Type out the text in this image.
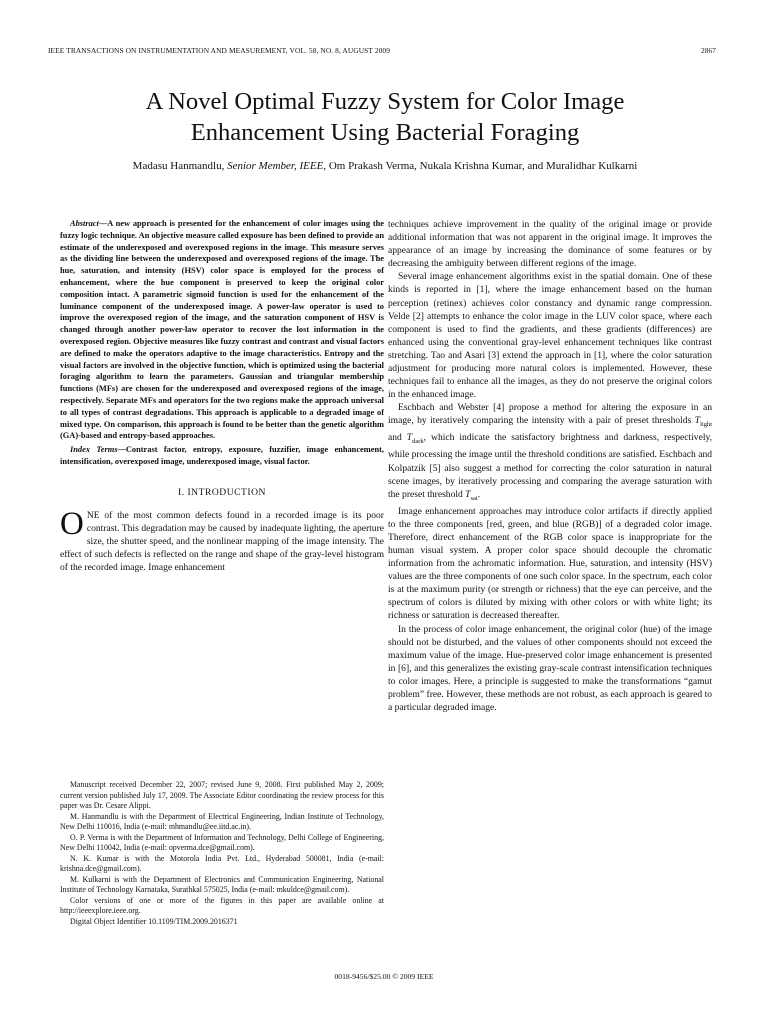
IEEE TRANSACTIONS ON INSTRUMENTATION AND MEASUREMENT, VOL. 58, NO. 8, AUGUST 2009	2867
A Novel Optimal Fuzzy System for Color Image
Enhancement Using Bacterial Foraging
Madasu Hanmandlu, Senior Member, IEEE, Om Prakash Verma, Nukala Krishna Kumar, and Muralidhar Kulkarni

Abstract—A new approach is presented for the enhancement of color images using the fuzzy logic technique. An objective measure called exposure has been defined to provide an estimate of the underexposed and overexposed regions in the image. This measure serves as the dividing line between the underexposed and overexposed regions of the image. The hue, saturation, and intensity (HSV) color space is employed for the process of enhancement, where the hue component is preserved to keep the original color composition intact. A parametric sigmoid function is used for the enhancement of the luminance component of the underexposed image. A power-law operator is used to improve the overexposed region of the image, and the saturation component of HSV is changed through another power-law operator to recover the lost information in the overexposed region. Objective measures like fuzzy contrast and contrast and visual factors are defined to make the operators adaptive to the image characteristics. Entropy and the visual factors are involved in the objective function, which is optimized using the bacterial foraging algorithm to learn the parameters. Gaussian and triangular membership functions (MFs) are chosen for the underexposed and overexposed regions of the image, respectively. Separate MFs and operators for the two regions make the approach universal to all types of contrast degradations. This approach is applicable to a degraded image of mixed type. On comparison, this approach is found to be better than the genetic algorithm (GA)-based and entropy-based approaches.

Index Terms—Contrast factor, entropy, exposure, fuzzifier, image enhancement, intensification, overexposed image, underexposed image, visual factor.

I. INTRODUCTION

ONE of the most common defects found in a recorded image is its poor contrast. This degradation may be caused by inadequate lighting, the aperture size, the shutter speed, and the nonlinear mapping of the image intensity. The effect of such defects is reflected on the range and shape of the gray-level histogram of the recorded image. Image enhancement

Manuscript received December 22, 2007; revised June 9, 2008. First published May 2, 2009; current version published July 17, 2009. The Associate Editor coordinating the review process for this paper was Dr. Cesare Alippi.

M. Hanmandlu is with the Department of Electrical Engineering, Indian Institute of Technology, New Delhi 110016, India (e-mail: mhmandlu@ee.iitd.ac.in).

O. P. Verma is with the Department of Information and Technology, Delhi College of Engineering, New Delhi 110042, India (e-mail: opverma.dce@gmail.com).

N. K. Kumar is with the Motorola India Pvt. Ltd., Hyderabad 500081, India (e-mail: krishna.dce@gmail.com).

M. Kulkarni is with the Department of Electronics and Communication Engineering, National Institute of Technology Karnataka, Surathkal 575025, India (e-mail: mkuldce@gmail.com).

Color versions of one or more of the figures in this paper are available online at http://ieeexplore.ieee.org.

Digital Object Identifier 10.1109/TIM.2009.2016371

techniques achieve improvement in the quality of the original image or provide additional information that was not apparent in the original image. It improves the appearance of an image by increasing the dominance of some features or by decreasing the ambiguity between different regions of the image.

Several image enhancement algorithms exist in the spatial domain. One of these kinds is reported in [1], where the image enhancement based on the human perception (retinex) achieves color constancy and dynamic range compression. Velde [2] attempts to enhance the color image in the LUV color space, where each component is used to find the gradients, and these gradients (differences) are enhanced using the conventional gray-level enhancement techniques like contrast stretching. Tao and Asari [3] extend the approach in [1], where the color saturation adjustment for producing more natural colors is implemented. However, these techniques fail to enhance all the images, as they do not preserve the original colors in the enhanced image.

Eschbach and Webster [4] propose a method for altering the exposure in an image, by iteratively comparing the intensity with a pair of preset thresholds $T_{light}$ and $T_{dark}$, which indicate the satisfactory brightness and darkness, respectively, while processing the image until the threshold conditions are satisfied. Eschbach and Kolpatzik [5] also suggest a method for correcting the color saturation in natural scene images, by iteratively processing and comparing the average saturation with the preset threshold $T_{sat}$.

Image enhancement approaches may introduce color artifacts if directly applied to the three components [red, green, and blue (RGB)] of a degraded color image. Therefore, direct enhancement of the RGB color space is inappropriate for the human visual system. A proper color space should decouple the chromatic information from the achromatic information. Hue, saturation, and intensity (HSV) values are the three components of one such color space. In the spectrum, each color is at the maximum purity (or strength or richness) that the eye can perceive, and the spectrum of colors is diluted by mixing with other colors or with white light; its richness or saturation is decreased thereafter.

In the process of color image enhancement, the original color (hue) of the image should not be disturbed, and the values of other components should not exceed the maximum value of the image. Hue-preserved color image enhancement is presented in [6], and this generalizes the existing gray-scale contrast intensification techniques to color images. Here, a principle is suggested to make the transformations “gamut problem” free. However, these methods are not robust, as each approach is geared to a particular degraded image.

0018-9456/$25.00 © 2009 IEEE
